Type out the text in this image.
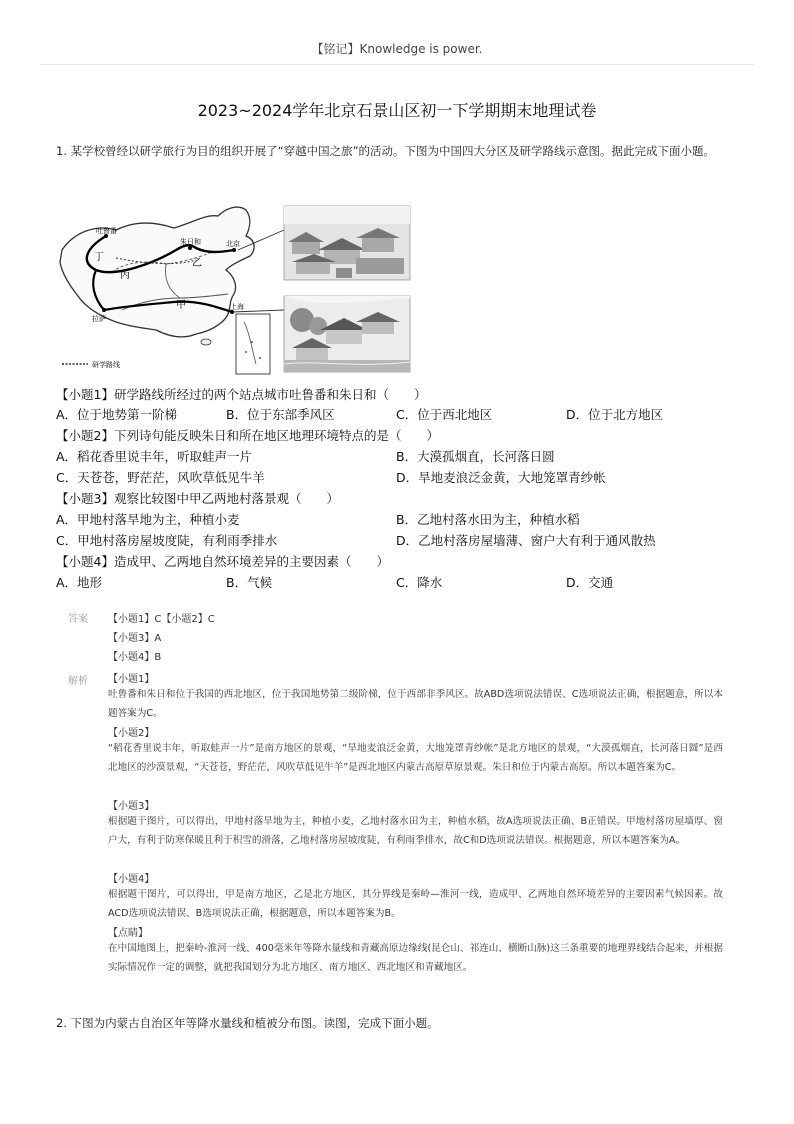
【铭记】Knowledge is power.
2023~2024学年北京石景山区初一下学期期末地理试卷
1. 某学校曾经以研学旅行为目的组织开展了“穿越中国之旅”的活动。下图为中国四大分区及研学路线示意图。据此完成下面小题。
吐鲁番
朱日和
拉萨
北京
上海
甲
乙
丙
丁
研学路线
【小题1】研学路线所经过的两个站点城市吐鲁番和朱日和（　　）
A．位于地势第一阶梯	B．位于东部季风区	C．位于西北地区	D．位于北方地区
【小题2】下列诗句能反映朱日和所在地区地理环境特点的是（　　）
A．稻花香里说丰年，听取蛙声一片	B．大漠孤烟直，长河落日圆
C．天苍苍，野茫茫，风吹草低见牛羊	D．旱地麦浪泛金黄，大地笼罩青纱帐
【小题3】观察比较图中甲乙两地村落景观（　　）
A．甲地村落旱地为主，种植小麦	B．乙地村落水田为主，种植水稻
C．甲地村落房屋坡度陡，有利雨季排水	D．乙地村落房屋墙薄、窗户大有利于通风散热
【小题4】造成甲、乙两地自然环境差异的主要因素（　　）
A．地形	B．气候	C．降水	D．交通
答案 【小题1】C【小题2】C
【小题3】A
【小题4】B
解析 【小题1】
吐鲁番和朱日和位于我国的西北地区，位于我国地势第二级阶梯，位于西部非季风区。故ABD选项说法错误、C选项说法正确，根据题意，所以本题答案为C。
【小题2】
“稻花香里说丰年，听取蛙声一片”是南方地区的景观，“旱地麦浪泛金黄，大地笼罩青纱帐”是北方地区的景观，“大漠孤烟直，长河落日圆”是西北地区的沙漠景观，“天苍苍，野茫茫，风吹草低见牛羊”是西北地区内蒙古高原草原景观。朱日和位于内蒙古高原。所以本题答案为C。
【小题3】
根据题干图片，可以得出，甲地村落旱地为主，种植小麦，乙地村落水田为主，种植水稻，故A选项说法正确、B正错误。甲地村落房屋墙厚、窗户大，有利于防寒保暖且利于积雪的滑落，乙地村落房屋坡度陡，有利雨季排水，故C和D选项说法错误。根据题意，所以本题答案为A。
【小题4】
根据题干图片，可以得出，甲是南方地区，乙是北方地区，其分界线是秦岭—淮河一线，造成甲、乙两地自然环境差异的主要因素气候因素。故ACD选项说法错误、B选项说法正确，根据题意，所以本题答案为B。
【点睛】
在中国地图上，把秦岭-淮河一线、400毫米年等降水量线和青藏高原边缘线(昆仑山、祁连山、横断山脉)这三条重要的地理界线结合起来，并根据实际情况作一定的调整，就把我国划分为北方地区、南方地区、西北地区和青藏地区。
2. 下图为内蒙古自治区年等降水量线和植被分布图。读图，完成下面小题。
